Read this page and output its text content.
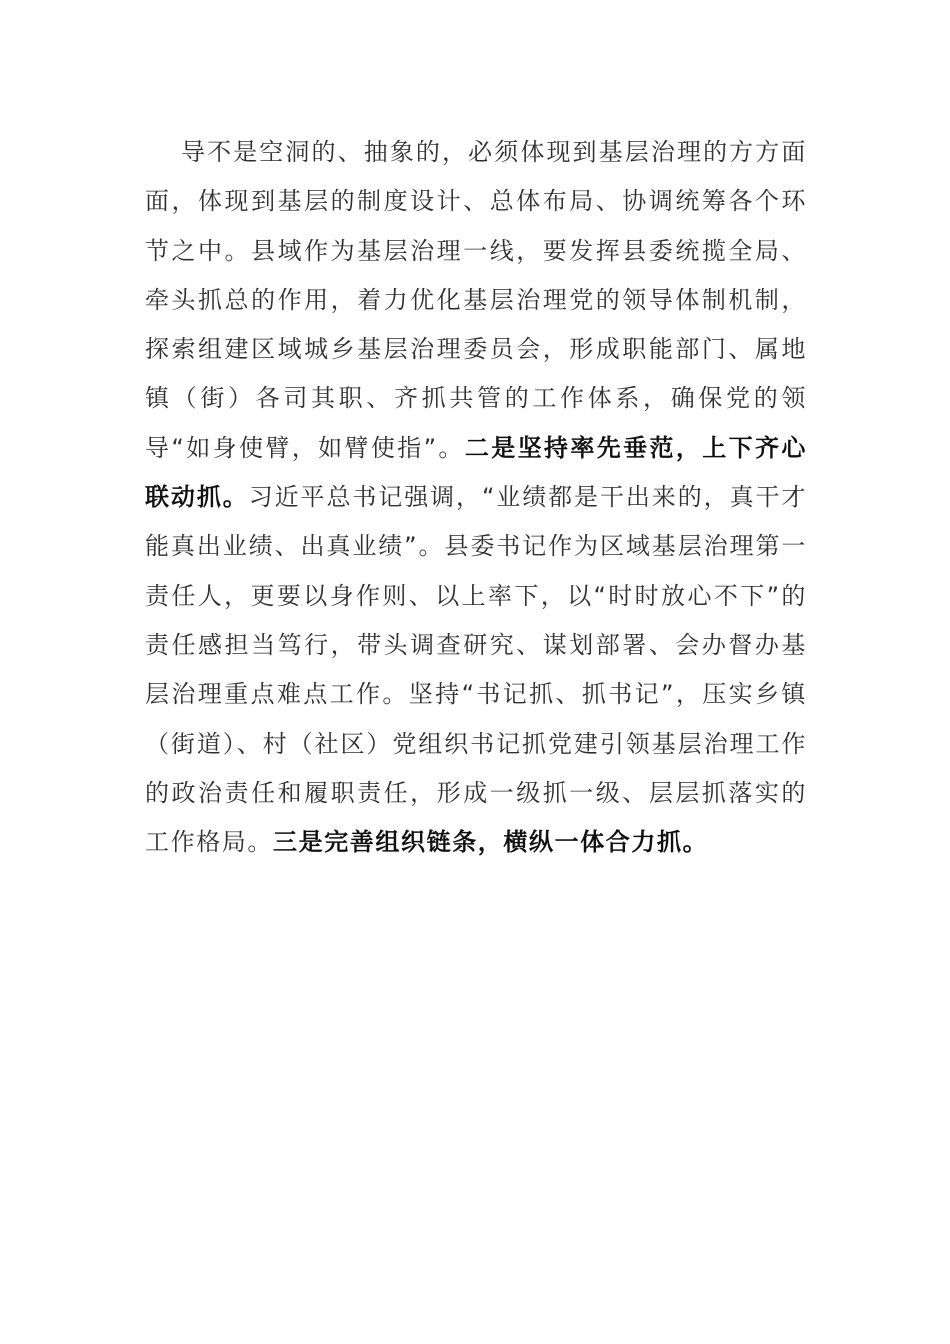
导不是空洞的、抽象的，必须体现到基层治理的方方面面，体现到基层的制度设计、总体布局、协调统筹各个环节之中。县域作为基层治理一线，要发挥县委统揽全局、牵头抓总的作用，着力优化基层治理党的领导体制机制，探索组建区域城乡基层治理委员会，形成职能部门、属地镇（街）各司其职、齐抓共管的工作体系，确保党的领导“如身使臂，如臂使指”。二是坚持率先垂范，上下齐心联动抓。习近平总书记强调，“业绩都是干出来的，真干才能真出业绩、出真业绩”。县委书记作为区域基层治理第一责任人，更要以身作则、以上率下，以“时时放心不下”的责任感担当笃行，带头调查研究、谋划部署、会办督办基层治理重点难点工作。坚持“书记抓、抓书记”，压实乡镇（街道）、村（社区）党组织书记抓党建引领基层治理工作的政治责任和履职责任，形成一级抓一级、层层抓落实的工作格局。三是完善组织链条，横纵一体合力抓。
